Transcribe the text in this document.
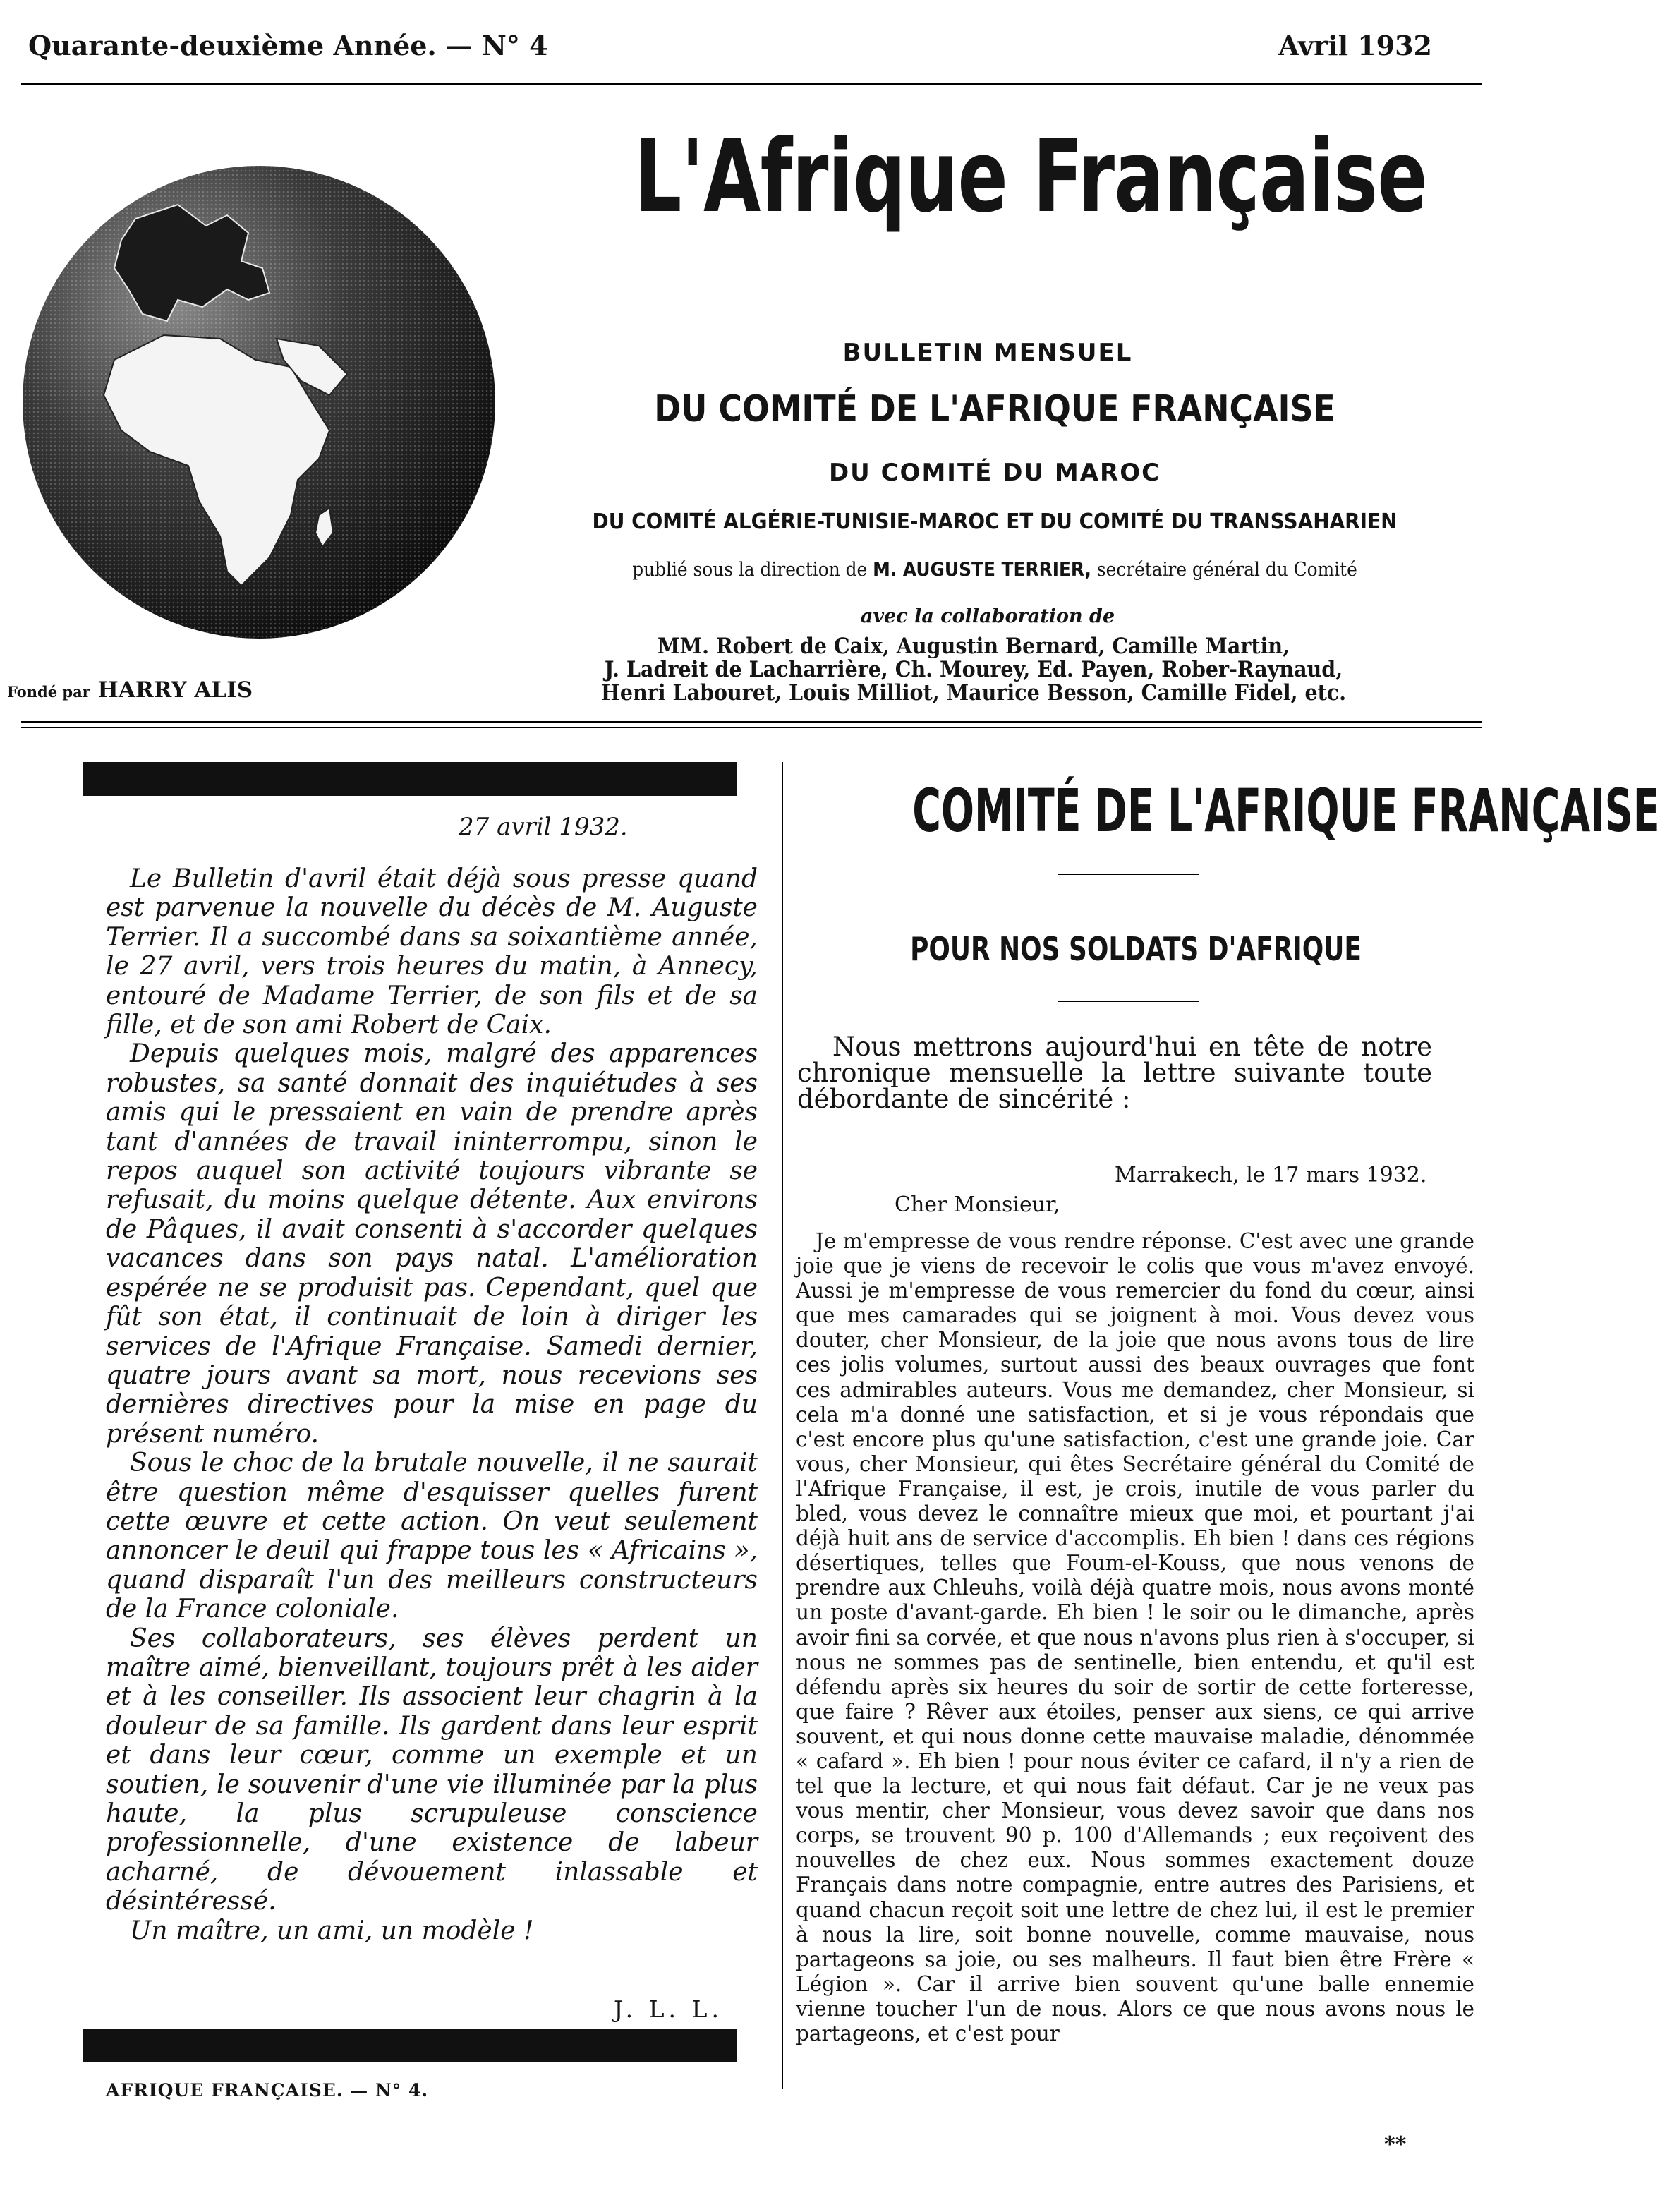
Quarante-deuxième Année. — N° 4	Avril 1932
L'Afrique Française
BULLETIN MENSUEL
DU COMITÉ DE L'AFRIQUE FRANÇAISE
DU COMITÉ DU MAROC
DU COMITÉ ALGÉRIE-TUNISIE-MAROC ET DU COMITÉ DU TRANSSAHARIEN
publié sous la direction de M. AUGUSTE TERRIER, secrétaire général du Comité
avec la collaboration de
MM. Robert de Caix, Augustin Bernard, Camille Martin,
J. Ladreit de Lacharrière, Ch. Mourey, Ed. Payen, Rober-Raynaud,
Henri Labouret, Louis Milliot, Maurice Besson, Camille Fidel, etc.
Fondé par HARRY ALIS
27 avril 1932.

Le Bulletin d'avril était déjà sous presse quand est parvenue la nouvelle du décès de M. Auguste Terrier. Il a succombé dans sa soixantième année, le 27 avril, vers trois heures du matin, à Annecy, entouré de Madame Terrier, de son fils et de sa fille, et de son ami Robert de Caix.

Depuis quelques mois, malgré des apparences robustes, sa santé donnait des inquiétudes à ses amis qui le pressaient en vain de prendre après tant d'années de travail ininterrompu, sinon le repos auquel son activité toujours vibrante se refusait, du moins quelque détente. Aux environs de Pâques, il avait consenti à s'accorder quelques vacances dans son pays natal. L'amélioration espérée ne se produisit pas. Cependant, quel que fût son état, il continuait de loin à diriger les services de l'Afrique Française. Samedi dernier, quatre jours avant sa mort, nous recevions ses dernières directives pour la mise en page du présent numéro.

Sous le choc de la brutale nouvelle, il ne saurait être question même d'esquisser quelles furent cette œuvre et cette action. On veut seulement annoncer le deuil qui frappe tous les « Africains », quand disparaît l'un des meilleurs constructeurs de la France coloniale.

Ses collaborateurs, ses élèves perdent un maître aimé, bienveillant, toujours prêt à les aider et à les conseiller. Ils associent leur chagrin à la douleur de sa famille. Ils gardent dans leur esprit et dans leur cœur, comme un exemple et un soutien, le souvenir d'une vie illuminée par la plus haute, la plus scrupuleuse conscience professionnelle, d'une existence de labeur acharné, de dévouement inlassable et désintéressé.

Un maître, un ami, un modèle !

J. L. L.
AFRIQUE FRANÇAISE. — N° 4.
COMITÉ DE L'AFRIQUE FRANÇAISE
POUR NOS SOLDATS D'AFRIQUE

Nous mettrons aujourd'hui en tête de notre chronique mensuelle la lettre suivante toute débordante de sincérité :

Marrakech, le 17 mars 1932.
Cher Monsieur,

Je m'empresse de vous rendre réponse. C'est avec une grande joie que je viens de recevoir le colis que vous m'avez envoyé. Aussi je m'empresse de vous remercier du fond du cœur, ainsi que mes camarades qui se joignent à moi. Vous devez vous douter, cher Monsieur, de la joie que nous avons tous de lire ces jolis volumes, surtout aussi des beaux ouvrages que font ces admirables auteurs. Vous me demandez, cher Monsieur, si cela m'a donné une satisfaction, et si je vous répondais que c'est encore plus qu'une satisfaction, c'est une grande joie. Car vous, cher Monsieur, qui êtes Secrétaire général du Comité de l'Afrique Française, il est, je crois, inutile de vous parler du bled, vous devez le connaître mieux que moi, et pourtant j'ai déjà huit ans de service d'accomplis. Eh bien ! dans ces régions désertiques, telles que Foum-el-Kouss, que nous venons de prendre aux Chleuhs, voilà déjà quatre mois, nous avons monté un poste d'avant-garde. Eh bien ! le soir ou le dimanche, après avoir fini sa corvée, et que nous n'avons plus rien à s'occuper, si nous ne sommes pas de sentinelle, bien entendu, et qu'il est défendu après six heures du soir de sortir de cette forteresse, que faire ? Rêver aux étoiles, penser aux siens, ce qui arrive souvent, et qui nous donne cette mauvaise maladie, dénommée « cafard ». Eh bien ! pour nous éviter ce cafard, il n'y a rien de tel que la lecture, et qui nous fait défaut. Car je ne veux pas vous mentir, cher Monsieur, vous devez savoir que dans nos corps, se trouvent 90 p. 100 d'Allemands ; eux reçoivent des nouvelles de chez eux. Nous sommes exactement douze Français dans notre compagnie, entre autres des Parisiens, et quand chacun reçoit soit une lettre de chez lui, il est le premier à nous la lire, soit bonne nouvelle, comme mauvaise, nous partageons sa joie, ou ses malheurs. Il faut bien être Frère « Légion ». Car il arrive bien souvent qu'une balle ennemie vienne toucher l'un de nous. Alors ce que nous avons nous le partageons, et c'est pour

**
